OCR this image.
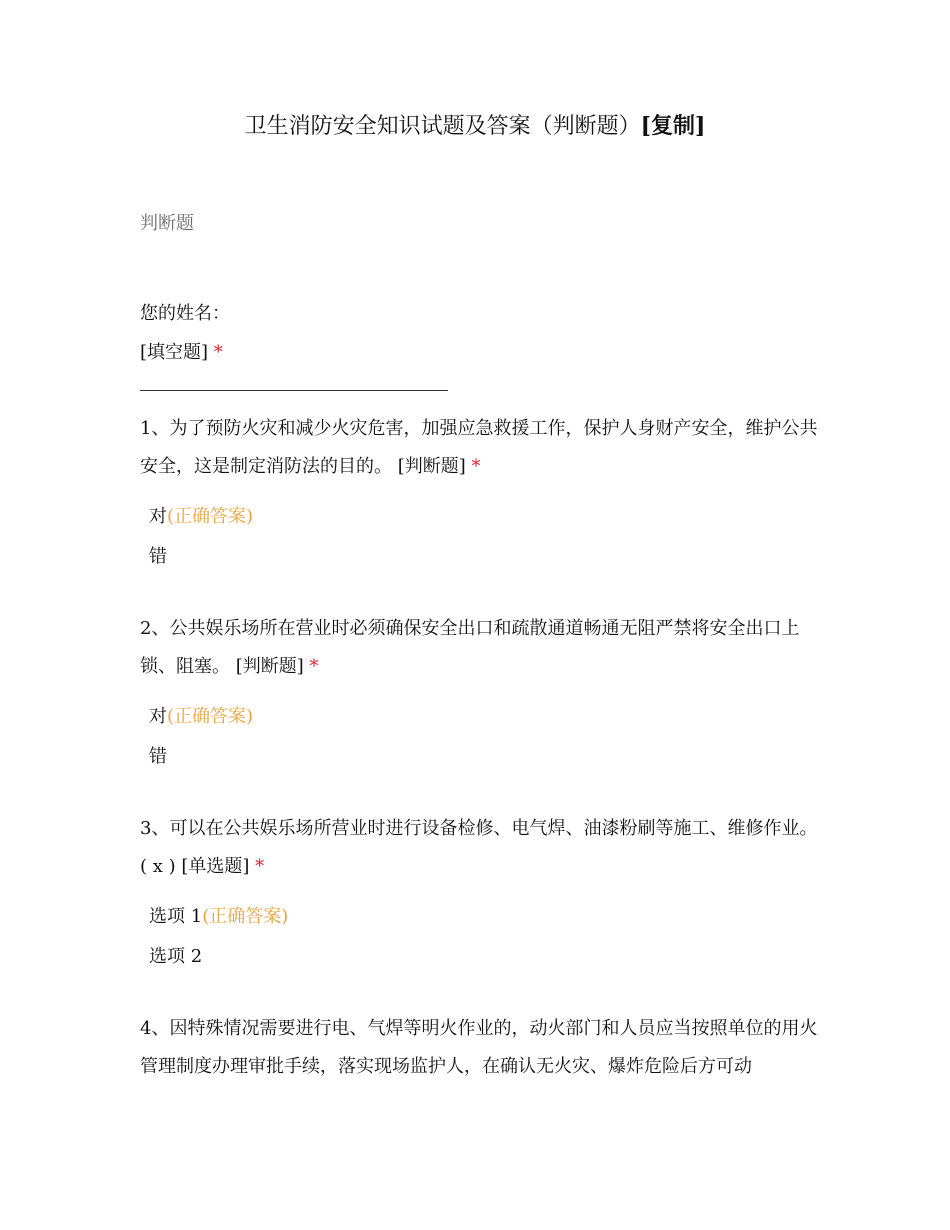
卫生消防安全知识试题及答案（判断题）[复制]
判断题
您的姓名：
[填空题] *
1、为了预防火灾和减少火灾危害，加强应急救援工作，保护人身财产安全，维护公共安全，这是制定消防法的目的。 [判断题] *
对(正确答案)
错
2、公共娱乐场所在营业时必须确保安全出口和疏散通道畅通无阻严禁将安全出口上锁、阻塞。 [判断题] *
对(正确答案)
错
3、可以在公共娱乐场所营业时进行设备检修、电气焊、油漆粉刷等施工、维修作业。 ( x ) [单选题] *
选项 1(正确答案)
选项 2
4、因特殊情况需要进行电、气焊等明火作业的，动火部门和人员应当按照单位的用火管理制度办理审批手续，落实现场监护人，在确认无火灾、爆炸危险后方可动
